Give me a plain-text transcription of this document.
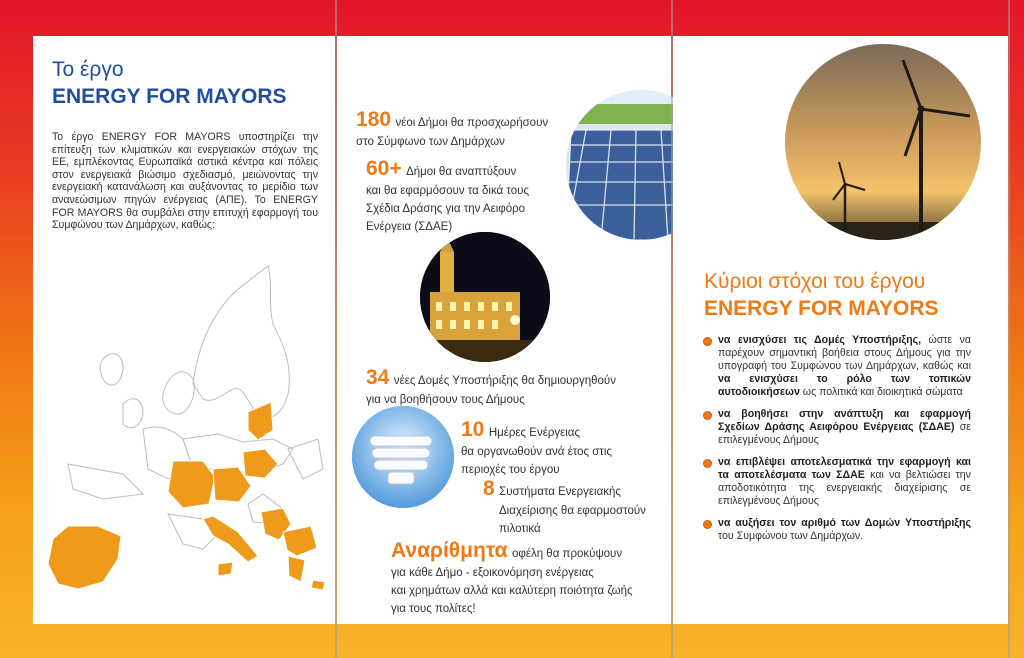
Το έργο
ENERGY FOR MAYORS
Το έργο ENERGY FOR MAYORS υποστηρίζει την επίτευξη των κλιματικών και ενεργειακών στόχων της ΕΕ, εμπλέκοντας Ευρωπαϊκά αστικά κέντρα και πόλεις στον ενεργειακά βιώσιμο σχεδιασμό, μειώνοντας την ενεργειακή κατανάλωση και αυξάνοντας το μερίδιο των ανανεώσιμων πηγών ενέργειας (ΑΠΕ). Το ENERGY FOR MAYORS θα συμβάλει στην επιτυχή εφαρμογή του Συμφώνου των Δημάρχων, καθώς:
180 νέοι Δήμοι θα προσχωρήσουν
στο Σύμφωνο των Δημάρχων
60+ Δήμοι θα αναπτύξουν
και θα εφαρμόσουν τα δικά τους
Σχέδια Δράσης για την Αειφόρο
Ενέργεια (ΣΔΑΕ)
34 νέες Δομές Υποστήριξης θα δημιουργηθούν
για να βοηθήσουν τους Δήμους
10 Ημέρες Ενέργειας
θα οργανωθούν ανά έτος στις
περιοχές του έργου
8 Συστήματα Ενεργειακής
Διαχείρισης θα εφαρμοστούν
πιλοτικά
Αναρίθμητα οφέλη θα προκύψουν
για κάθε Δήμο - εξοικονόμηση ενέργειας
και χρημάτων αλλά και καλύτερη ποιότητα ζωής
για τους πολίτες!
Κύριοι στόχοι του έργου
ENERGY FOR MAYORS
να ενισχύσει τις Δομές Υποστήριξης, ώστε να παρέχουν σημαντική βοήθεια στους Δήμους για την υπογραφή του Συμφώνου των Δημάρχων, καθώς και να ενισχύσει το ρόλο των τοπικών αυτοδιοικήσεων ως πολιτικά και διοικητικά σώματα
να βοηθήσει στην ανάπτυξη και εφαρμογή Σχεδίων Δράσης Αειφόρου Ενέργειας (ΣΔΑΕ) σε επιλεγμένους Δήμους
να επιβλέψει αποτελεσματικά την εφαρμογή και τα αποτελέσματα των ΣΔΑΕ και να βελτιώσει την αποδοτικότητα της ενεργειακής διαχείρισης σε επιλεγμένους Δήμους
να αυξήσει τον αριθμό των Δομών Υποστήριξης του Συμφώνου των Δημάρχων.
